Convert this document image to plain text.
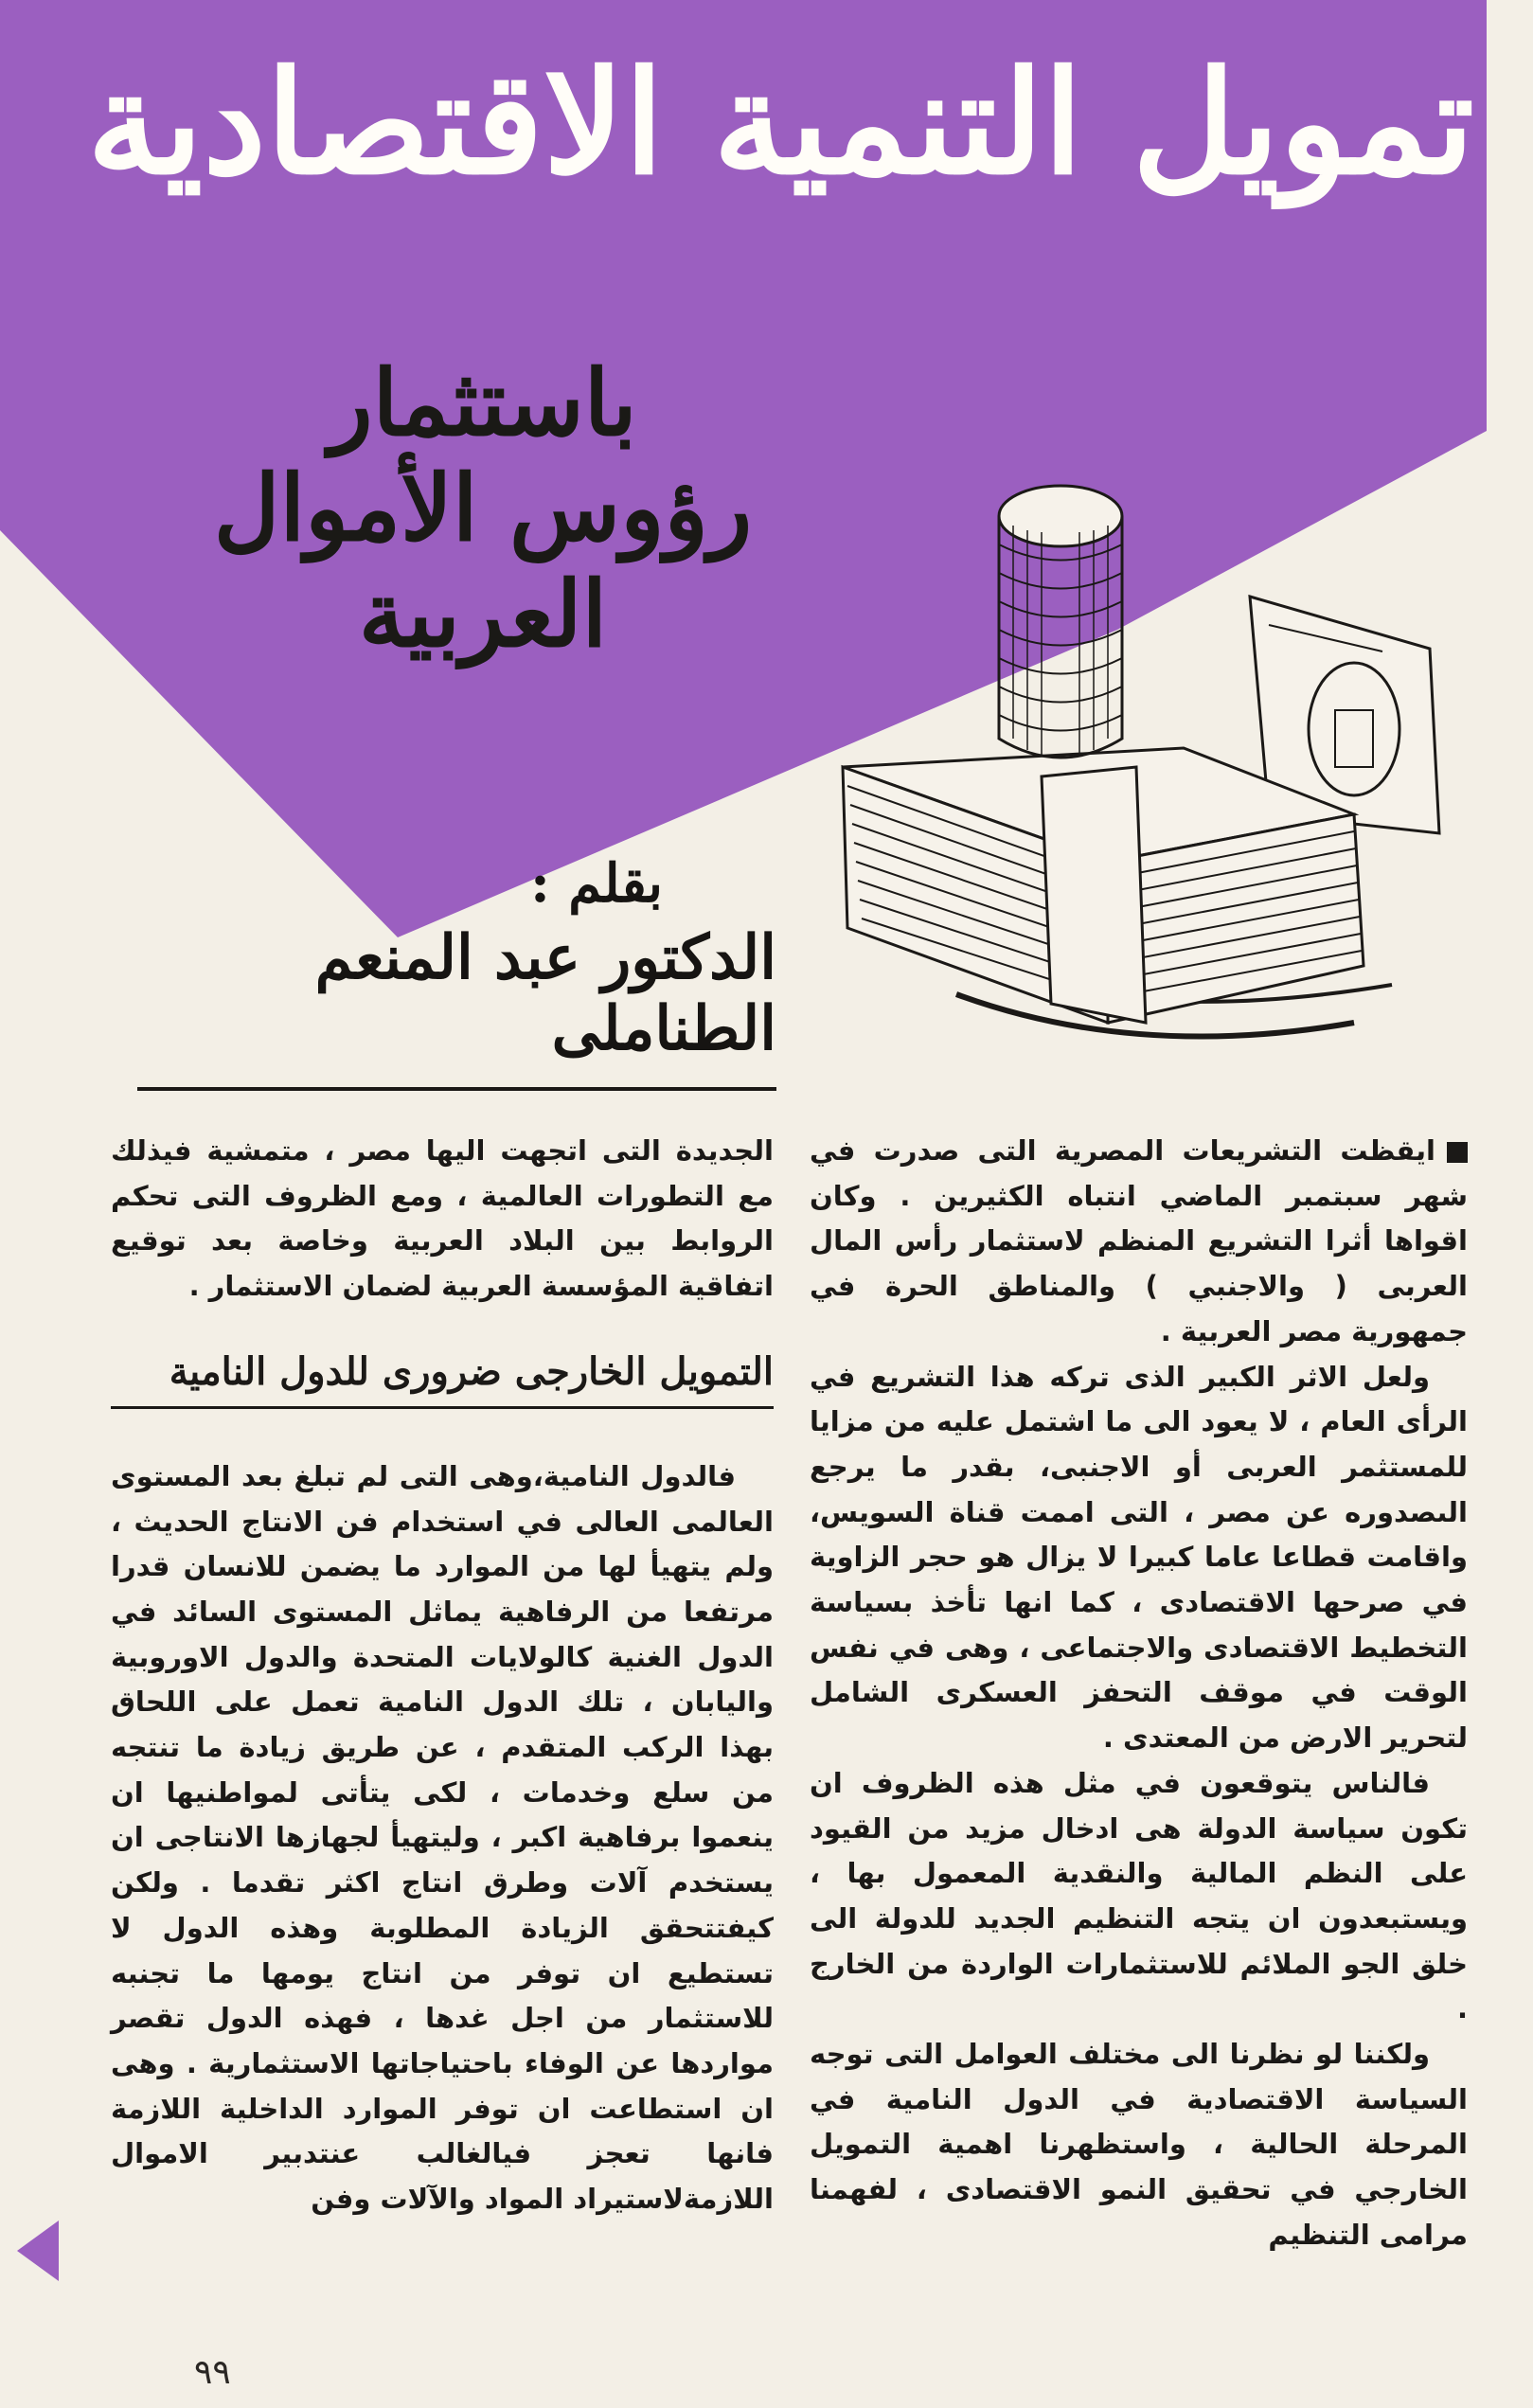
تمويل التنمية الاقتصادية
باستثمار
رؤوس الأموال
العربية
بقلم :
الدكتور عبد المنعم الطناملى

ايقظت التشريعات المصرية التى صدرت في شهر سبتمبر الماضي انتباه الكثيرين . وكان اقواها أثرا التشريع المنظم لاستثمار رأس المال العربى ( والاجنبي ) والمناطق الحرة في جمهورية مصر العربية .

ولعل الاثر الكبير الذى تركه هذا التشريع في الرأى العام ، لا يعود الى ما اشتمل عليه من مزايا للمستثمر العربى أو الاجنبى، بقدر ما يرجع الىصدوره عن مصر ، التى اممت قناة السويس، واقامت قطاعا عاما كبيرا لا يزال هو حجر الزاوية في صرحها الاقتصادى ، كما انها تأخذ بسياسة التخطيط الاقتصادى والاجتماعى ، وهى في نفس الوقت في موقف التحفز العسكرى الشامل لتحرير الارض من المعتدى .

فالناس يتوقعون في مثل هذه الظروف ان تكون سياسة الدولة هى ادخال مزيد من القيود على النظم المالية والنقدية المعمول بها ، ويستبعدون ان يتجه التنظيم الجديد للدولة الى خلق الجو الملائم للاستثمارات الواردة من الخارج .

ولكننا لو نظرنا الى مختلف العوامل التى توجه السياسة الاقتصادية في الدول النامية في المرحلة الحالية ، واستظهرنا اهمية التمويل الخارجي في تحقيق النمو الاقتصادى ، لفهمنا مرامى التنظيم

الجديدة التى اتجهت اليها مصر ، متمشية فيذلك مع التطورات العالمية ، ومع الظروف التى تحكم الروابط بين البلاد العربية وخاصة بعد توقيع اتفاقية المؤسسة العربية لضمان الاستثمار .

التمويل الخارجى ضرورى للدول النامية

فالدول النامية،وهى التى لم تبلغ بعد المستوى العالمى العالى في استخدام فن الانتاج الحديث ، ولم يتهيأ لها من الموارد ما يضمن للانسان قدرا مرتفعا من الرفاهية يماثل المستوى السائد في الدول الغنية كالولايات المتحدة والدول الاوروبية واليابان ، تلك الدول النامية تعمل على اللحاق بهذا الركب المتقدم ، عن طريق زيادة ما تنتجه من سلع وخدمات ، لكى يتأتى لمواطنيها ان ينعموا برفاهية اكبر ، وليتهيأ لجهازها الانتاجى ان يستخدم آلات وطرق انتاج اكثر تقدما . ولكن كيفتتحقق الزيادة المطلوبة وهذه الدول لا تستطيع ان توفر من انتاج يومها ما تجنبه للاستثمار من اجل غدها ، فهذه الدول تقصر مواردها عن الوفاء باحتياجاتها الاستثمارية . وهى ان استطاعت ان توفر الموارد الداخلية اللازمة فانها تعجز فيالغالب عنتدبير الاموال اللازمةلاستيراد المواد والآلات وفن

٩٩
